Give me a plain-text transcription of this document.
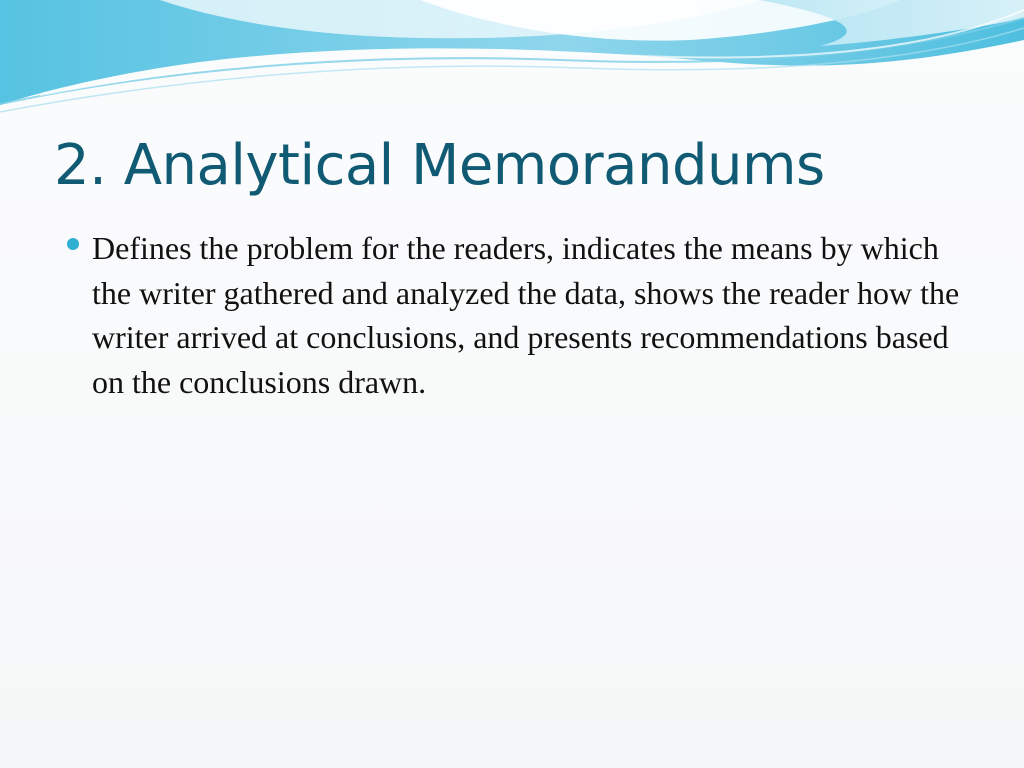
2. Analytical Memorandums
Defines the problem for the readers, indicates the means by which the writer gathered and analyzed the data, shows the reader how the writer arrived at conclusions, and presents recommendations based on the conclusions drawn.
